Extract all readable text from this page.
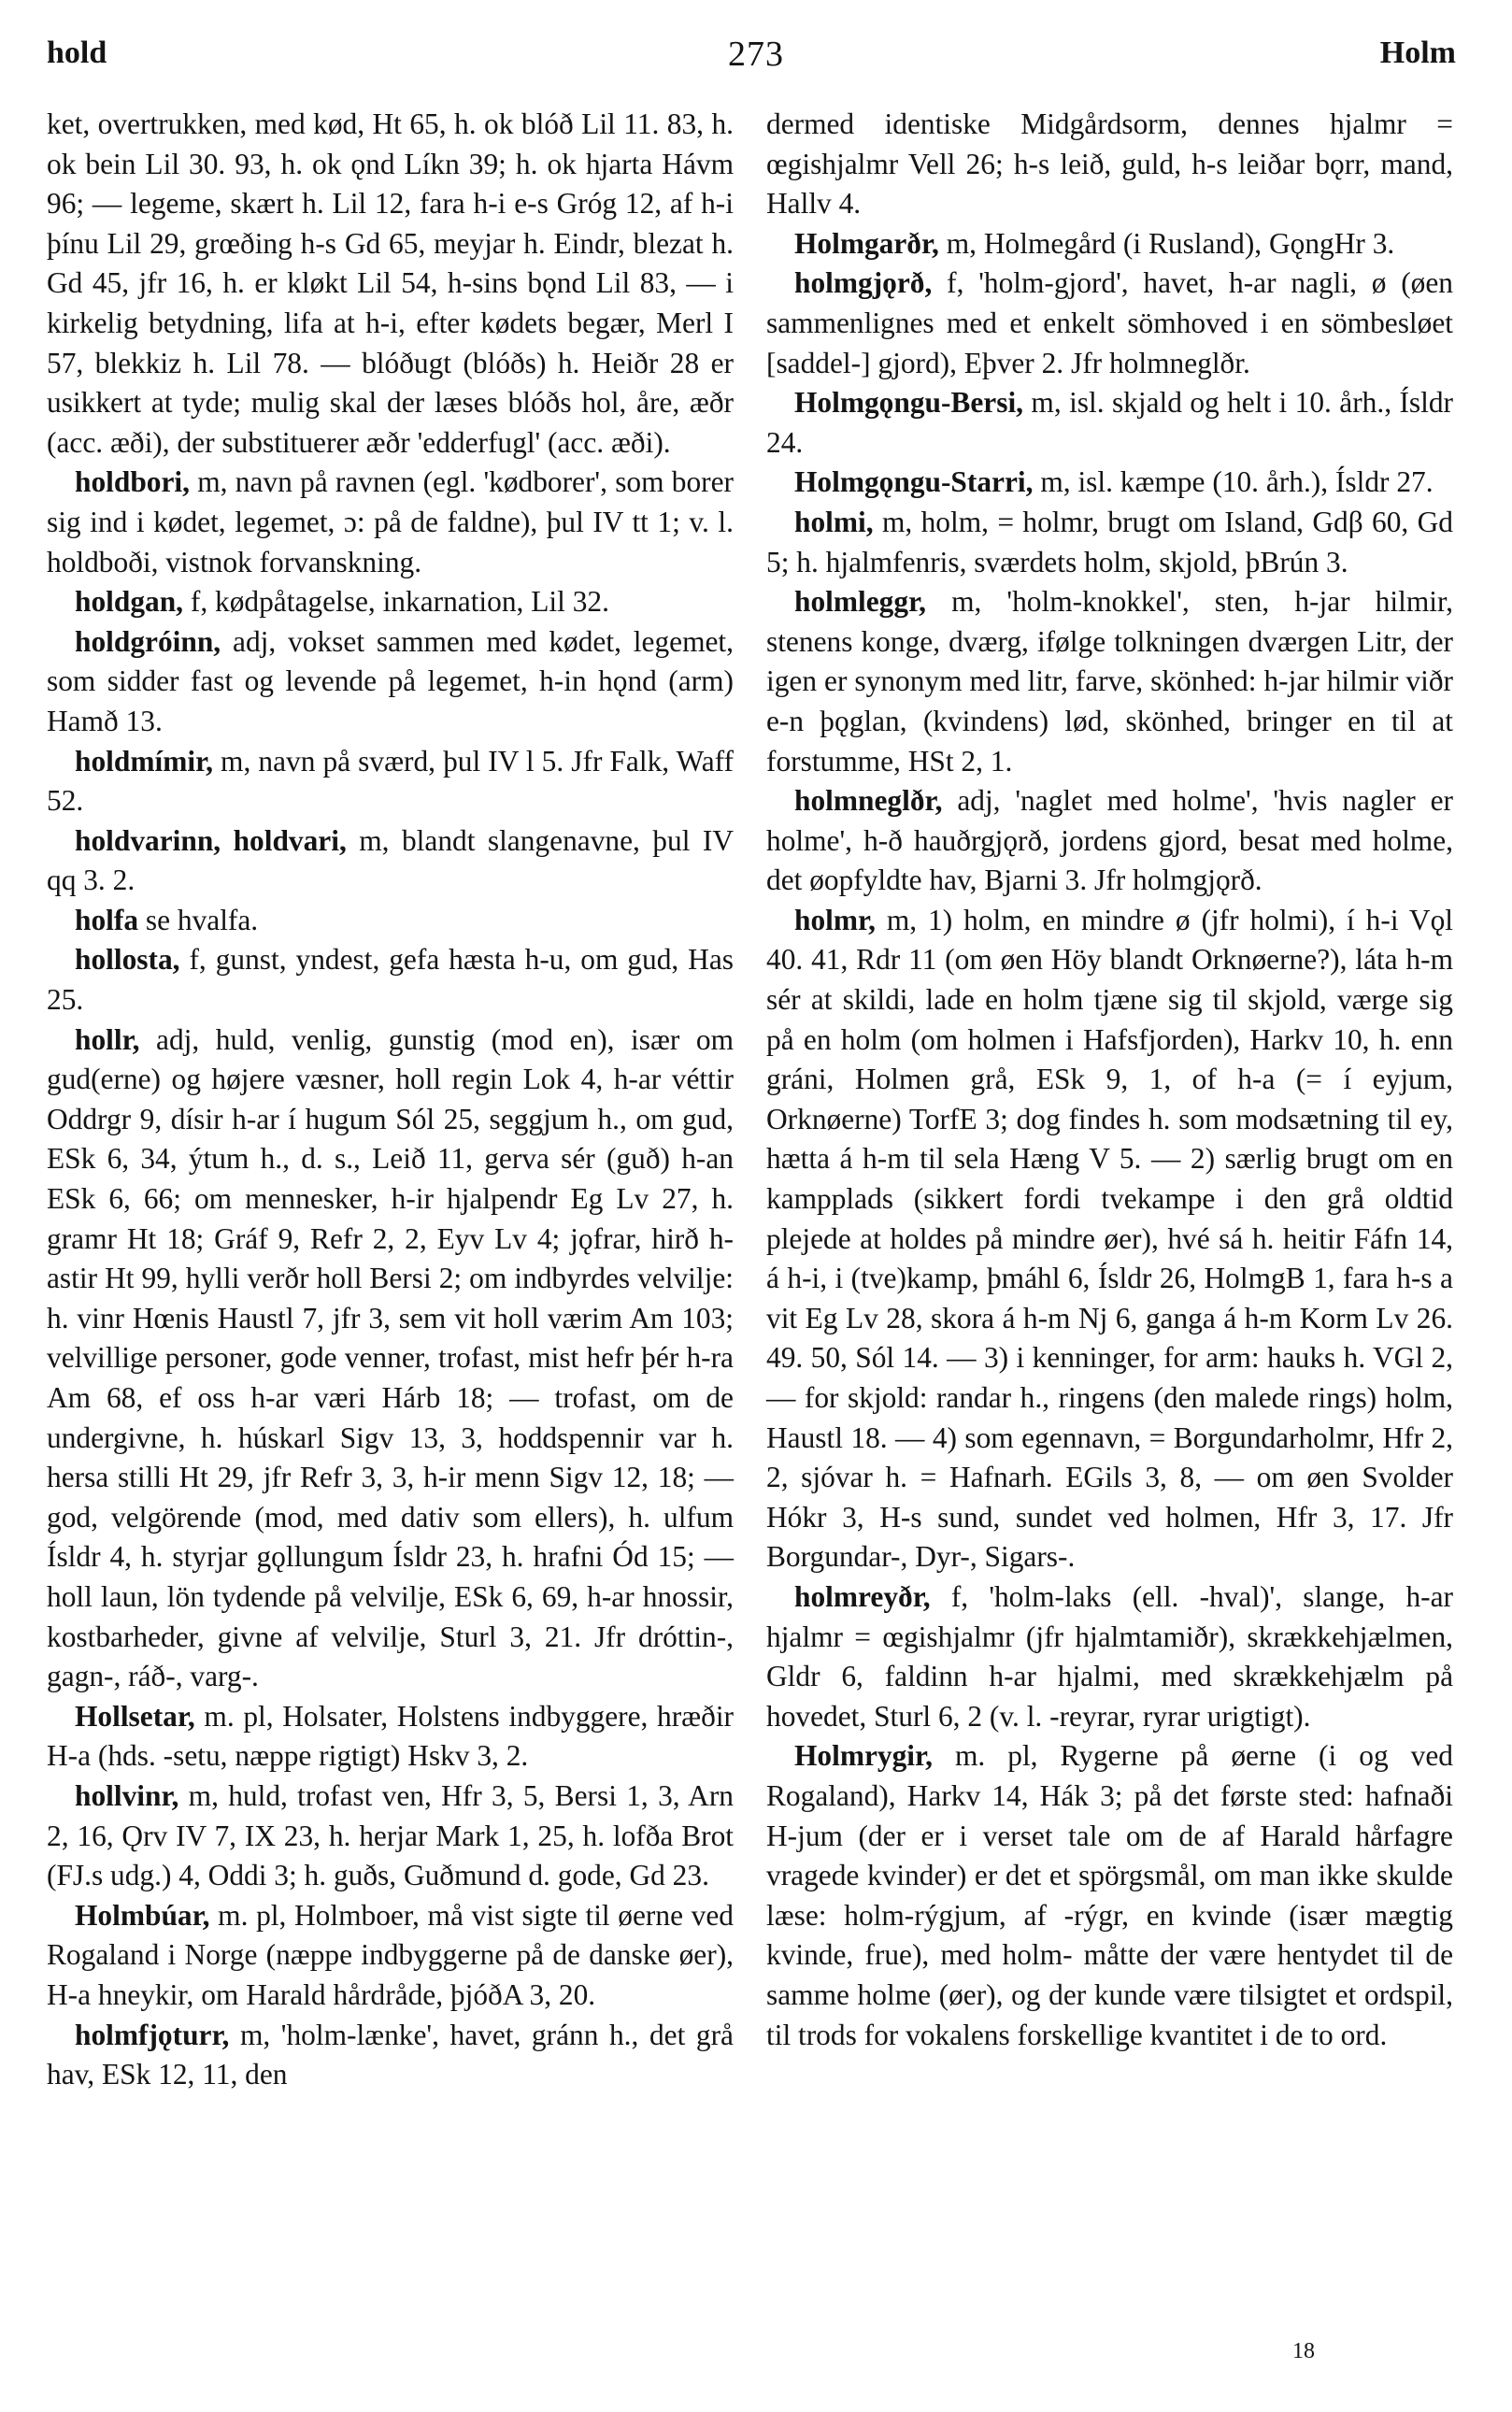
hold	273	Holm

ket, overtrukken, med kød, Ht 65, h. ok blóð Lil 11. 83, h. ok bein Lil 30. 93, h. ok ǫnd Líkn 39; h. ok hjarta Hávm 96; — legeme, skært h. Lil 12, fara h-i e-s Gróg 12, af h-i þínu Lil 29, grœðing h-s Gd 65, meyjar h. Eindr, blezat h. Gd 45, jfr 16, h. er kløkt Lil 54, h-sins bǫnd Lil 83, — i kirkelig betydning, lifa at h-i, efter kødets begær, Merl I 57, blekkiz h. Lil 78. — blóðugt (blóðs) h. Heiðr 28 er usikkert at tyde; mulig skal der læses blóðs hol, åre, æðr (acc. æði), der substituerer æðr 'edderfugl' (acc. æði).

holdbori, m, navn på ravnen (egl. 'kødborer', som borer sig ind i kødet, legemet, ɔ: på de faldne), þul IV tt 1; v. l. holdboði, vistnok forvanskning.

holdgan, f, kødpåtagelse, inkarnation, Lil 32.

holdgróinn, adj, vokset sammen med kødet, legemet, som sidder fast og levende på legemet, h-in hǫnd (arm) Hamð 13.

holdmímir, m, navn på sværd, þul IV l 5. Jfr Falk, Waff 52.

holdvarinn, holdvari, m, blandt slangenavne, þul IV qq 3. 2.

holfa se hvalfa.

hollosta, f, gunst, yndest, gefa hæsta h-u, om gud, Has 25.

hollr, adj, huld, venlig, gunstig (mod en), især om gud(erne) og højere væsner, holl regin Lok 4, h-ar véttir Oddrgr 9, dísir h-ar í hugum Sól 25, seggjum h., om gud, ESk 6, 34, ýtum h., d. s., Leið 11, gerva sér (guð) h-an ESk 6, 66; om mennesker, h-ir hjalpendr Eg Lv 27, h. gramr Ht 18; Gráf 9, Refr 2, 2, Eyv Lv 4; jǫfrar, hirð h-astir Ht 99, hylli verðr holl Bersi 2; om indbyrdes velvilje: h. vinr Hœnis Haustl 7, jfr 3, sem vit holl værim Am 103; velvillige personer, gode venner, trofast, mist hefr þér h-ra Am 68, ef oss h-ar væri Hárb 18; — trofast, om de undergivne, h. húskarl Sigv 13, 3, hoddspennir var h. hersa stilli Ht 29, jfr Refr 3, 3, h-ir menn Sigv 12, 18; — god, velgörende (mod, med dativ som ellers), h. ulfum Ísldr 4, h. styrjar gǫllungum Ísldr 23, h. hrafni Ód 15; — holl laun, lön tydende på velvilje, ESk 6, 69, h-ar hnossir, kostbarheder, givne af velvilje, Sturl 3, 21. Jfr dróttin-, gagn-, ráð-, varg-.

Hollsetar, m. pl, Holsater, Holstens indbyggere, hræðir H-a (hds. -setu, næppe rigtigt) Hskv 3, 2.

hollvinr, m, huld, trofast ven, Hfr 3, 5, Bersi 1, 3, Arn 2, 16, Ǫrv IV 7, IX 23, h. herjar Mark 1, 25, h. lofða Brot (FJ.s udg.) 4, Oddi 3; h. guðs, Guðmund d. gode, Gd 23.

Holmbúar, m. pl, Holmboer, må vist sigte til øerne ved Rogaland i Norge (næppe indbyggerne på de danske øer), H-a hneykir, om Harald hårdråde, þjóðA 3, 20.

holmfjǫturr, m, 'holm-lænke', havet, gránn h., det grå hav, ESk 12, 11, den

dermed identiske Midgårdsorm, dennes hjalmr = œgishjalmr Vell 26; h-s leið, guld, h-s leiðar bǫrr, mand, Hallv 4.

Holmgarðr, m, Holmegård (i Rusland), GǫngHr 3.

holmgjǫrð, f, 'holm-gjord', havet, h-ar nagli, ø (øen sammenlignes med et enkelt sömhoved i en sömbesløet [saddel-] gjord), Eþver 2. Jfr holmneglðr.

Holmgǫngu-Bersi, m, isl. skjald og helt i 10. årh., Ísldr 24.

Holmgǫngu-Starri, m, isl. kæmpe (10. årh.), Ísldr 27.

holmi, m, holm, = holmr, brugt om Island, Gdβ 60, Gd 5; h. hjalmfenris, sværdets holm, skjold, þBrún 3.

holmleggr, m, 'holm-knokkel', sten, h-jar hilmir, stenens konge, dværg, ifølge tolkningen dværgen Litr, der igen er synonym med litr, farve, skönhed: h-jar hilmir viðr e-n þǫglan, (kvindens) lød, skönhed, bringer en til at forstumme, HSt 2, 1.

holmneglðr, adj, 'naglet med holme', 'hvis nagler er holme', h-ð hauðrgjǫrð, jordens gjord, besat med holme, det øopfyldte hav, Bjarni 3. Jfr holmgjǫrð.

holmr, m, 1) holm, en mindre ø (jfr holmi), í h-i Vǫl 40. 41, Rdr 11 (om øen Höy blandt Orknøerne?), láta h-m sér at skildi, lade en holm tjæne sig til skjold, værge sig på en holm (om holmen i Hafsfjorden), Harkv 10, h. enn gráni, Holmen grå, ESk 9, 1, of h-a (= í eyjum, Orknøerne) TorfE 3; dog findes h. som modsætning til ey, hætta á h-m til sela Hæng V 5. — 2) særlig brugt om en kampplads (sikkert fordi tvekampe i den grå oldtid plejede at holdes på mindre øer), hvé sá h. heitir Fáfn 14, á h-i, i (tve)kamp, þmáhl 6, Ísldr 26, HolmgB 1, fara h-s a vit Eg Lv 28, skora á h-m Nj 6, ganga á h-m Korm Lv 26. 49. 50, Sól 14. — 3) i kenninger, for arm: hauks h. VGl 2, — for skjold: randar h., ringens (den malede rings) holm, Haustl 18. — 4) som egennavn, = Borgundarholmr, Hfr 2, 2, sjóvar h. = Hafnarh. EGils 3, 8, — om øen Svolder Hókr 3, H-s sund, sundet ved holmen, Hfr 3, 17. Jfr Borgundar-, Dyr-, Sigars-.

holmreyðr, f, 'holm-laks (ell. -hval)', slange, h-ar hjalmr = œgishjalmr (jfr hjalmtamiðr), skrækkehjælmen, Gldr 6, faldinn h-ar hjalmi, med skrækkehjælm på hovedet, Sturl 6, 2 (v. l. -reyrar, ryrar urigtigt).

Holmrygir, m. pl, Rygerne på øerne (i og ved Rogaland), Harkv 14, Hák 3; på det første sted: hafnaði H-jum (der er i verset tale om de af Harald hårfagre vragede kvinder) er det et spörgsmål, om man ikke skulde læse: holm-rýgjum, af -rýgr, en kvinde (især mægtig kvinde, frue), med holm- måtte der være hentydet til de samme holme (øer), og der kunde være tilsigtet et ordspil, til trods for vokalens forskellige kvantitet i de to ord.

18
